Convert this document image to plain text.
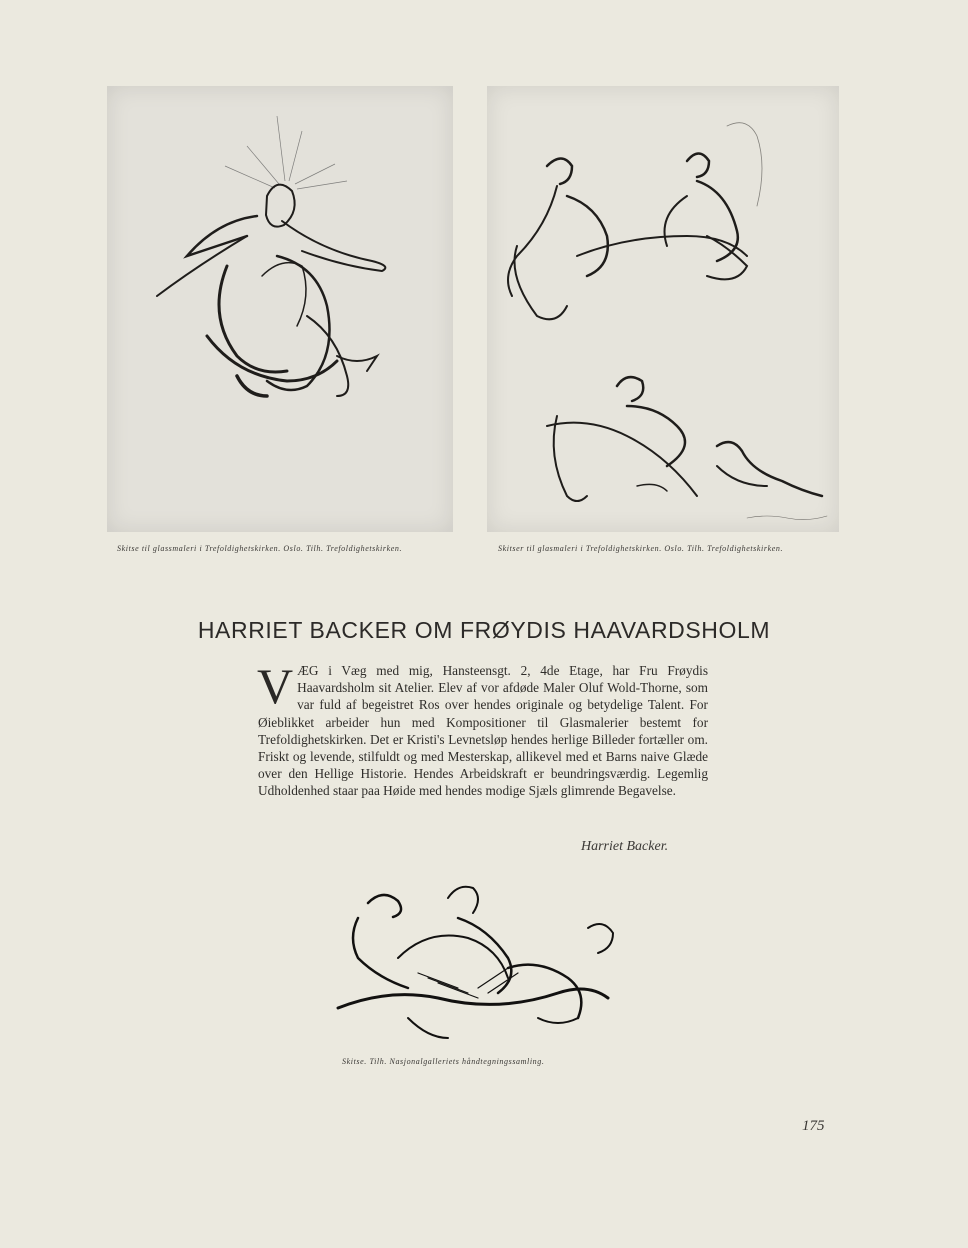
Skitse til glassmaleri i Trefoldighetskirken. Oslo. Tilh. Trefoldighetskirken.	Skitser til glasmaleri i Trefoldighetskirken. Oslo. Tilh. Trefoldighetskirken.
HARRIET BACKER OM FRØYDIS HAAVARDSHOLM
V ÆG i Væg med mig, Hansteensgt. 2, 4de Etage, har Fru Frøydis Haavardsholm sit Atelier. Elev af vor afdøde Maler Oluf Wold-Thorne, som var fuld af begeistret Ros over hendes originale og betydelige Talent. For Øieblikket arbeider hun med Kompositioner til Glasmalerier bestemt for Trefoldighetskirken. Det er Kristi's Levnetsløp hendes herlige Billeder fortæller om. Friskt og levende, stilfuldt og med Mesterskap, allikevel med et Barns naive Glæde over den Hellige Historie. Hendes Arbeidskraft er beundringsværdig. Legemlig Udholdenhed staar paa Høide med hendes modige Sjæls glimrende Begavelse.
Harriet Backer.
Skitse. Tilh. Nasjonalgalleriets håndtegningssamling.
175
